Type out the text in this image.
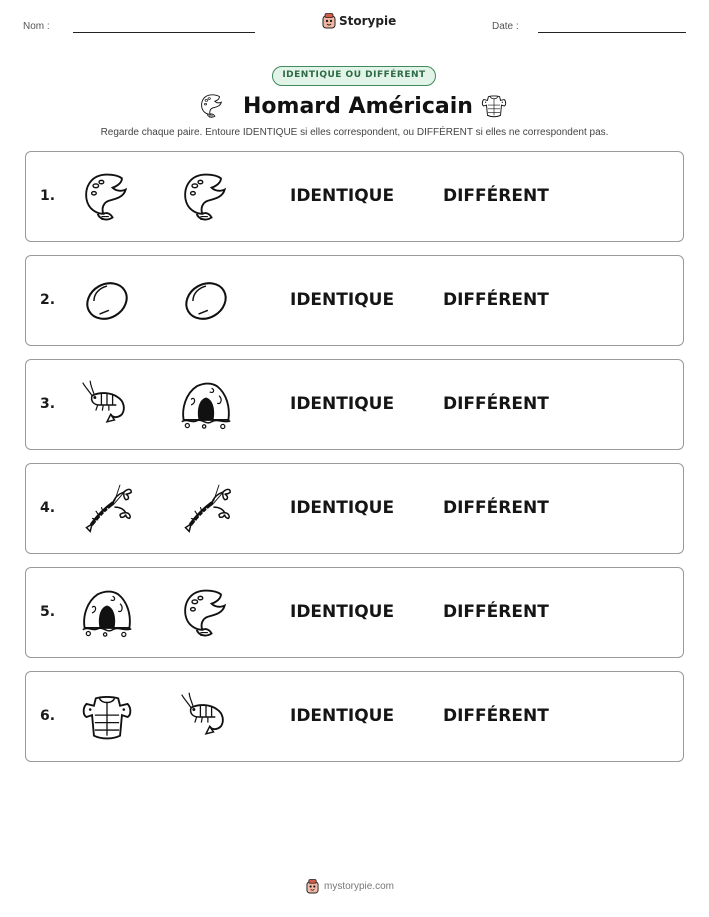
Nom :	Storypie	Date :
IDENTIQUE OU DIFFÉRENT
Homard Américain
Regarde chaque paire. Entoure IDENTIQUE si elles correspondent, ou DIFFÉRENT si elles ne correspondent pas.
1.	IDENTIQUE	DIFFÉRENT
2.	IDENTIQUE	DIFFÉRENT
3.	IDENTIQUE	DIFFÉRENT
4.	IDENTIQUE	DIFFÉRENT
5.	IDENTIQUE	DIFFÉRENT
6.	IDENTIQUE	DIFFÉRENT
mystorypie.com
